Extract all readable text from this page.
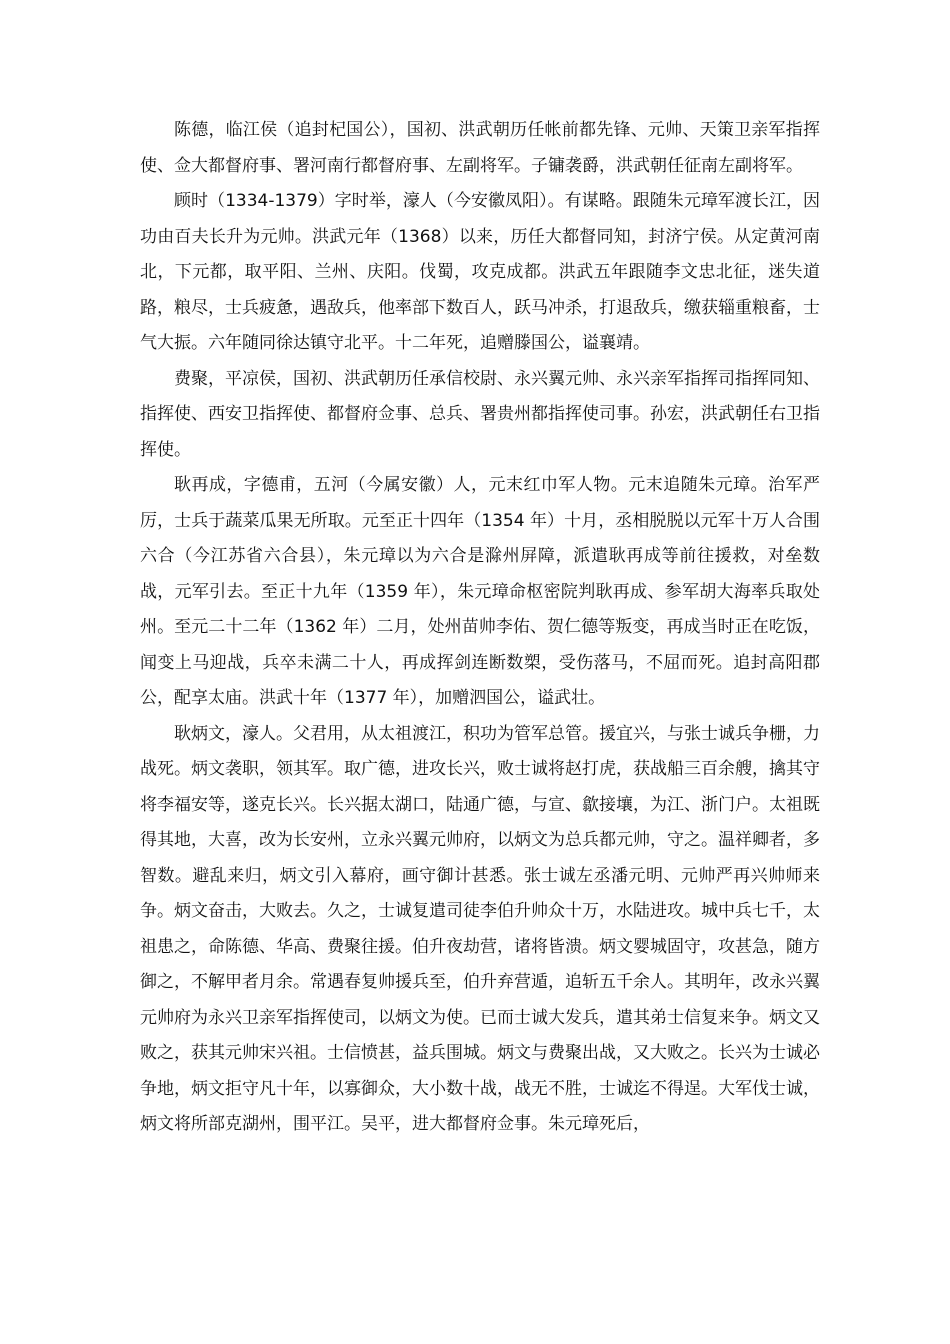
陈德，临江侯（追封杞国公），国初、洪武朝历任帐前都先锋、元帅、天策卫亲军指挥使、佥大都督府事、署河南行都督府事、左副将军。子镛袭爵，洪武朝任征南左副将军。

顾时（1334-1379）字时举，濠人（今安徽凤阳）。有谋略。跟随朱元璋军渡长江，因功由百夫长升为元帅。洪武元年（1368）以来，历任大都督同知，封济宁侯。从定黄河南北，下元都，取平阳、兰州、庆阳。伐蜀，攻克成都。洪武五年跟随李文忠北征，迷失道路，粮尽，士兵疲惫，遇敌兵，他率部下数百人，跃马冲杀，打退敌兵，缴获辎重粮畜，士气大振。六年随同徐达镇守北平。十二年死，追赠滕国公，谥襄靖。

费聚，平凉侯，国初、洪武朝历任承信校尉、永兴翼元帅、永兴亲军指挥司指挥同知、指挥使、西安卫指挥使、都督府佥事、总兵、署贵州都指挥使司事。孙宏，洪武朝任右卫指挥使。

耿再成，字德甫，五河（今属安徽）人，元末红巾军人物。元末追随朱元璋。治军严厉，士兵于蔬菜瓜果无所取。元至正十四年（1354 年）十月，丞相脱脱以元军十万人合围六合（今江苏省六合县），朱元璋以为六合是滁州屏障，派遣耿再成等前往援救，对垒数战，元军引去。至正十九年（1359 年），朱元璋命枢密院判耿再成、参军胡大海率兵取处州。至元二十二年（1362 年）二月，处州苗帅李佑、贺仁德等叛变，再成当时正在吃饭，闻变上马迎战，兵卒未满二十人，再成挥剑连断数槊，受伤落马，不屈而死。追封高阳郡公，配享太庙。洪武十年（1377 年），加赠泗国公，谥武壮。

耿炳文，濠人。父君用，从太祖渡江，积功为管军总管。援宜兴，与张士诚兵争栅，力战死。炳文袭职，领其军。取广德，进攻长兴，败士诚将赵打虎，获战船三百余艘，擒其守将李福安等，遂克长兴。长兴据太湖口，陆通广德，与宣、歙接壤，为江、浙门户。太祖既得其地，大喜，改为长安州，立永兴翼元帅府，以炳文为总兵都元帅，守之。温祥卿者，多智数。避乱来归，炳文引入幕府，画守御计甚悉。张士诚左丞潘元明、元帅严再兴帅师来争。炳文奋击，大败去。久之，士诚复遣司徒李伯升帅众十万，水陆进攻。城中兵七千，太祖患之，命陈德、华高、费聚往援。伯升夜劫营，诸将皆溃。炳文婴城固守，攻甚急，随方御之，不解甲者月余。常遇春复帅援兵至，伯升弃营遁，追斩五千余人。其明年，改永兴翼元帅府为永兴卫亲军指挥使司，以炳文为使。已而士诚大发兵，遣其弟士信复来争。炳文又败之，获其元帅宋兴祖。士信愤甚，益兵围城。炳文与费聚出战，又大败之。长兴为士诚必争地，炳文拒守凡十年，以寡御众，大小数十战，战无不胜，士诚迄不得逞。大军伐士诚，炳文将所部克湖州，围平江。吴平，进大都督府佥事。朱元璋死后，
